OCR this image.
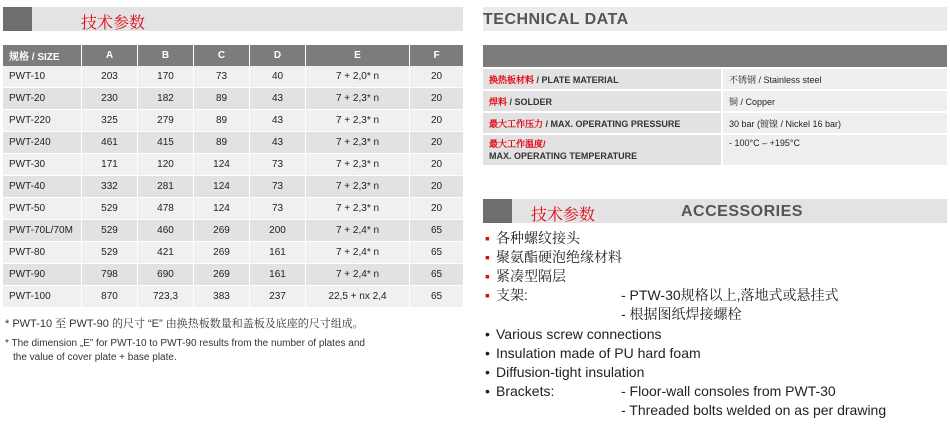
技术参数	TECHNICAL DATA
规格 / SIZE	A	B	C	D	E	F
PWT-10	203	170	73	40	7 + 2,0* n	20
PWT-20	230	182	89	43	7 + 2,3* n	20
PWT-220	325	279	89	43	7 + 2,3* n	20
PWT-240	461	415	89	43	7 + 2,3* n	20
PWT-30	171	120	124	73	7 + 2,3* n	20
PWT-40	332	281	124	73	7 + 2,3* n	20
PWT-50	529	478	124	73	7 + 2,3* n	20
PWT-70L/70M	529	460	269	200	7 + 2,4* n	65
PWT-80	529	421	269	161	7 + 2,4* n	65
PWT-90	798	690	269	161	7 + 2,4* n	65
PWT-100	870	723,3	383	237	22,5 + nx 2,4	65
* PWT-10 至 PWT-90 的尺寸 “E” 由换热板数量和盖板及底座的尺寸组成。
* The dimension „E” for PWT-10 to PWT-90 results from the number of plates and
the value of cover plate + base plate.

换热板材料 / PLATE MATERIAL	不锈钢 / Stainless steel
焊料 / SOLDER	铜 / Copper
最大工作压力 / MAX. OPERATING PRESSURE	30 bar (镀镍 / Nickel 16 bar)
最大工作温度/
MAX. OPERATING TEMPERATURE	- 100°C – +195°C
技术参数	ACCESSORIES
▪ 各种螺纹接头
▪ 聚氨酯硬泡绝缘材料
▪ 紧凑型隔层
▪ 支架:	- PTW-30规格以上,落地式或悬挂式
- 根据图纸焊接螺栓
• Various screw connections
• Insulation made of PU hard foam
• Diffusion-tight insulation
• Brackets:	- Floor-wall consoles from PWT-30
- Threaded bolts welded on as per drawing
